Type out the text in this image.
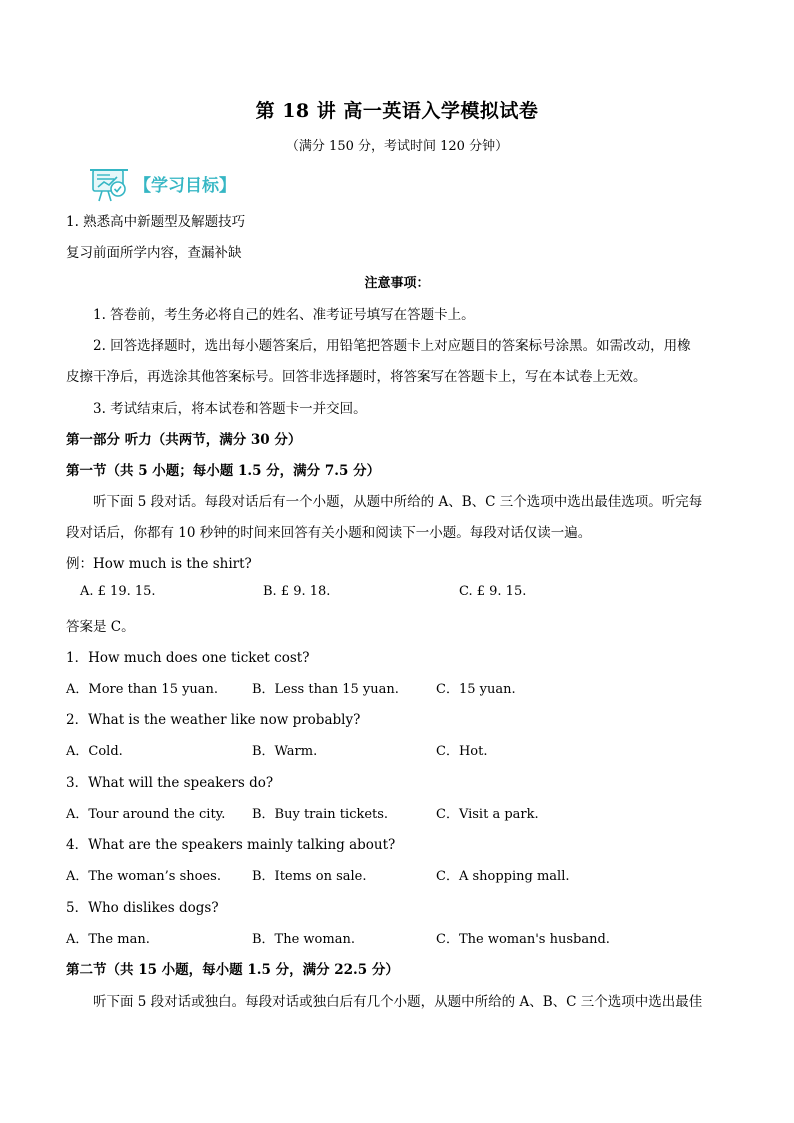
第 18 讲 高一英语入学模拟试卷
（满分 150 分，考试时间 120 分钟）
【学习目标】
1. 熟悉高中新题型及解题技巧
复习前面所学内容，查漏补缺
注意事项：
1. 答卷前，考生务必将自己的姓名、准考证号填写在答题卡上。
2. 回答选择题时，选出每小题答案后，用铅笔把答题卡上对应题目的答案标号涂黑。如需改动，用橡
皮擦干净后，再选涂其他答案标号。回答非选择题时，将答案写在答题卡上，写在本试卷上无效。
3. 考试结束后，将本试卷和答题卡一并交回。
第一部分 听力（共两节，满分 30 分）
第一节（共 5 小题；每小题 1.5 分，满分 7.5 分）
听下面 5 段对话。每段对话后有一个小题，从题中所给的 A、B、C 三个选项中选出最佳选项。听完每
段对话后，你都有 10 秒钟的时间来回答有关小题和阅读下一小题。每段对话仅读一遍。
例：How much is the shirt?
A. £ 19. 15.	B. £ 9. 18.	C. £ 9. 15.
答案是 C。
1．How much does one ticket cost?
A．More than 15 yuan.	B．Less than 15 yuan.	C．15 yuan.
2．What is the weather like now probably?
A．Cold.	B．Warm.	C．Hot.
3．What will the speakers do?
A．Tour around the city. B．Buy train tickets.	C．Visit a park.
4．What are the speakers mainly talking about?
A．The woman’s shoes. B．Items on sale.	C．A shopping mall.
5．Who dislikes dogs?
A．The man.	B．The woman.	C．The woman's husband.
第二节（共 15 小题，每小题 1.5 分，满分 22.5 分）
听下面 5 段对话或独白。每段对话或独白后有几个小题，从题中所给的 A、B、C 三个选项中选出最佳
